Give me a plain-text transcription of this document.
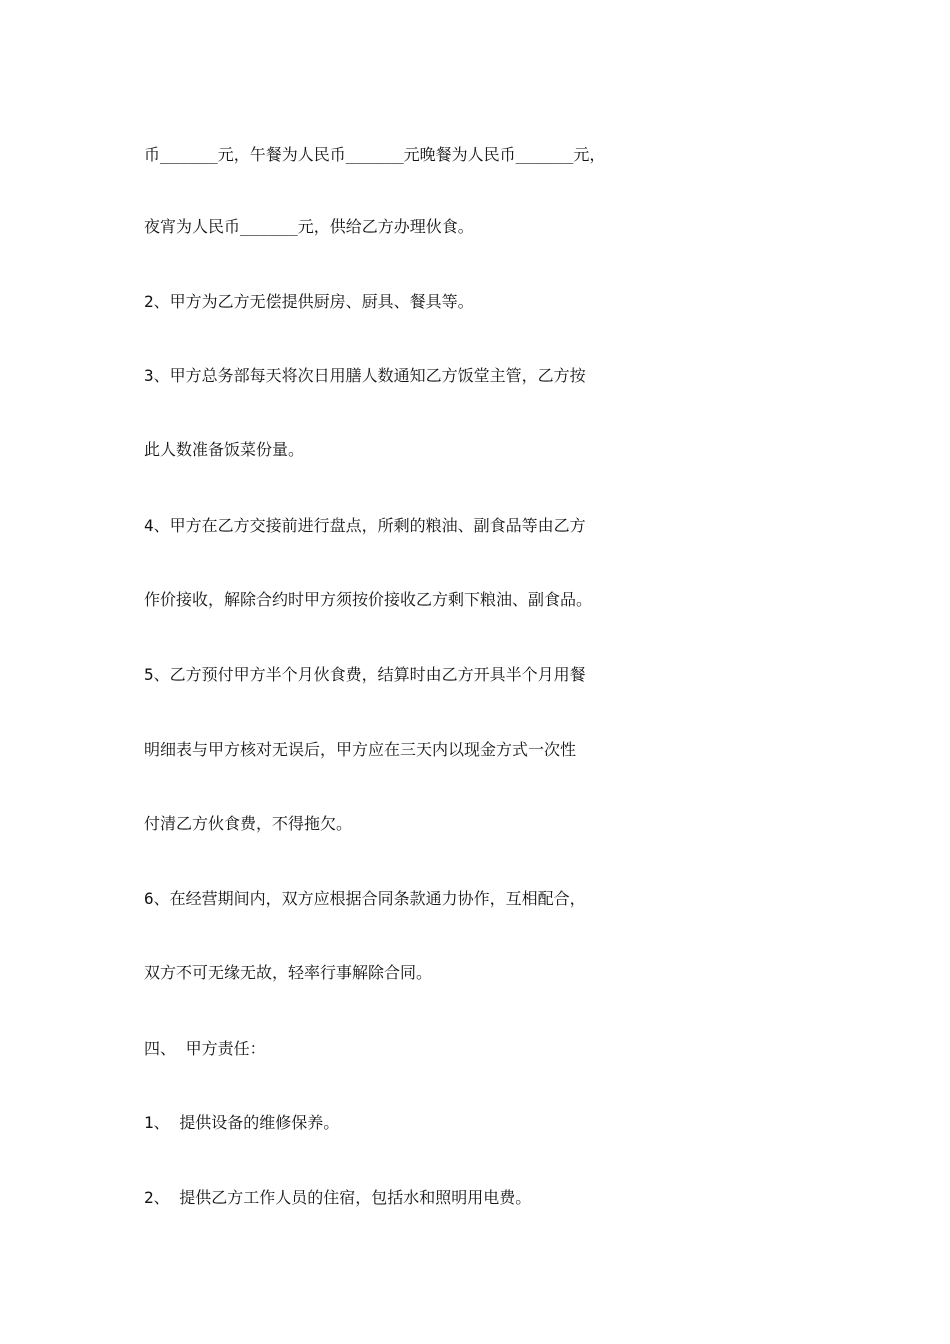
币______元，午餐为人民币______元晚餐为人民币______元，
夜宵为人民币______元，供给乙方办理伙食。
2、甲方为乙方无偿提供厨房、厨具、餐具等。
3、甲方总务部每天将次日用膳人数通知乙方饭堂主管，乙方按
此人数准备饭菜份量。
4、甲方在乙方交接前进行盘点，所剩的粮油、副食品等由乙方
作价接收，解除合约时甲方须按价接收乙方剩下粮油、副食品。
5、乙方预付甲方半个月伙食费，结算时由乙方开具半个月用餐
明细表与甲方核对无误后，甲方应在三天内以现金方式一次性
付清乙方伙食费，不得拖欠。
6、在经营期间内，双方应根据合同条款通力协作，互相配合，
双方不可无缘无故，轻率行事解除合同。
四、 甲方责任：
1、 提供设备的维修保养。
2、 提供乙方工作人员的住宿，包括水和照明用电费。
